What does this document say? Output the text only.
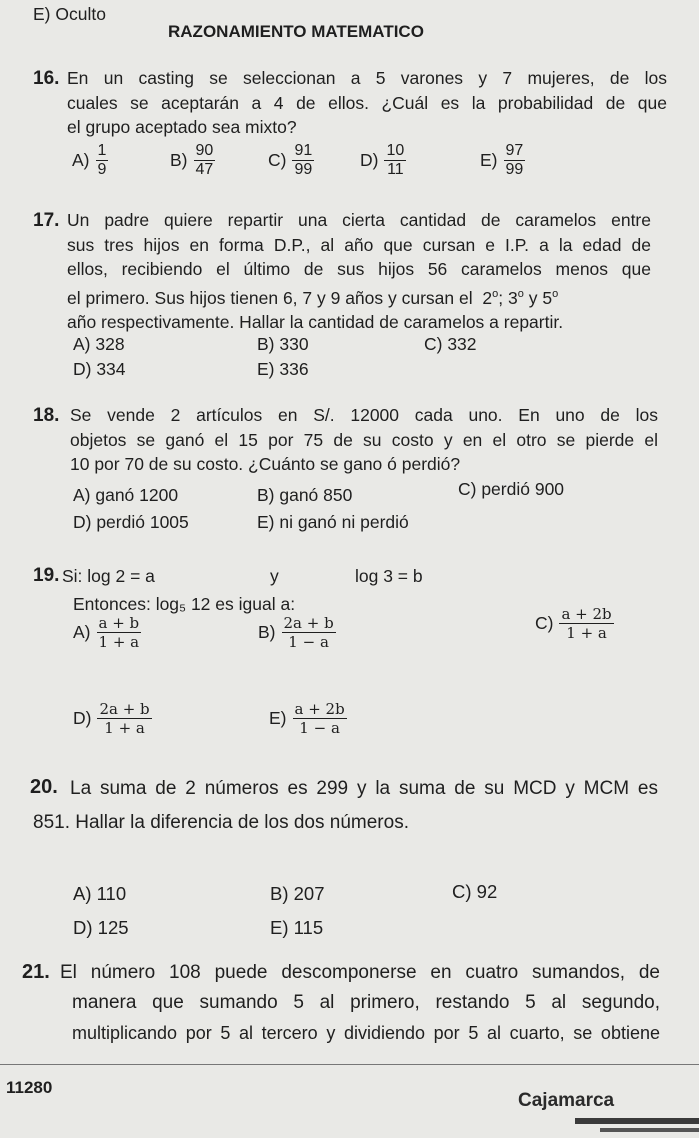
E) Oculto
RAZONAMIENTO MATEMATICO
16. En un casting se seleccionan a 5 varones y 7 mujeres, de los
cuales se aceptarán a 4 de ellos. ¿Cuál es la probabilidad de que
el grupo aceptado sea mixto?
$A) \frac{1}{9}$	$B) \frac{90}{47}$	$C) \frac{91}{99}$	$D) \frac{10}{11}$	$E) \frac{97}{99}$
17. Un padre quiere repartir una cierta cantidad de caramelos entre
sus tres hijos en forma D.P., al año que cursan e I.P. a la edad de
ellos, recibiendo el último de sus hijos 56 caramelos menos que
el primero. Sus hijos tienen 6, 7 y 9 años y cursan el 2$^o$; 3$^o$ y 5$^o$
año respectivamente. Hallar la cantidad de caramelos a repartir.
A) 328	B) 330	C) 332
D) 334	E) 336
18. Se vende 2 artículos en S/. 12000 cada uno. En uno de los
objetos se ganó el 15 por 75 de su costo y en el otro se pierde el
10 por 70 de su costo. ¿Cuánto se gano ó perdió?
A) ganó 1200	B) ganó 850	C) perdió 900
D) perdió 1005	E) ni ganó ni perdió
19. Si: log 2 = a	y	log 3 = b
Entonces: log₅ 12 es igual a:
$A) \frac{a + b}{1 + a}$	$B) \frac{2a + b}{1 - a}$	$C) \frac{a + 2b}{1 + a}$
$D) \frac{2a + b}{1 + a}$	$E) \frac{a + 2b}{1 - a}$
20. La suma de 2 números es 299 y la suma de su MCD y MCM es
851. Hallar la diferencia de los dos números.
A) 110	B) 207	C) 92
D) 125	E) 115
21. El número 108 puede descomponerse en cuatro sumandos, de
manera que sumando 5 al primero, restando 5 al segundo,
multiplicando por 5 al tercero y dividiendo por 5 al cuarto, se obtiene
11280
Cajamarca
